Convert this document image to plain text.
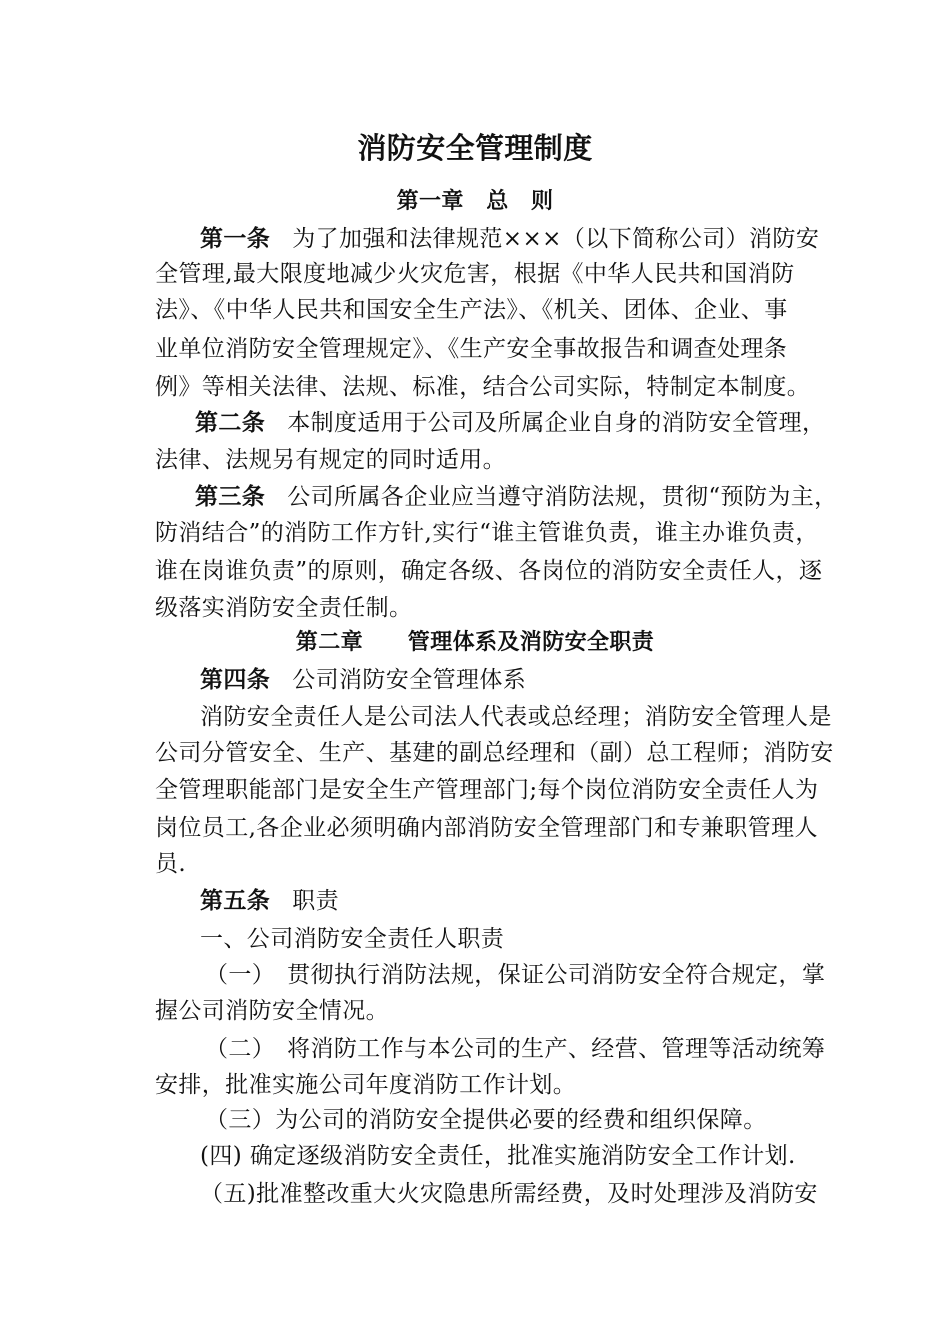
消防安全管理制度
第一章　总　则
第一条 为了加强和法律规范×××（以下简称公司）消防安
全管理,最大限度地减少火灾危害，根据《中华人民共和国消防
法》、《中华人民共和国安全生产法》、《机关、团体、企业、事
业单位消防安全管理规定》、《生产安全事故报告和调查处理条
例》等相关法律、法规、标准，结合公司实际，特制定本制度。
第二条 本制度适用于公司及所属企业自身的消防安全管理，
法律、法规另有规定的同时适用。
第三条 公司所属各企业应当遵守消防法规，贯彻“预防为主，
防消结合”的消防工作方针,实行“谁主管谁负责，谁主办谁负责，
谁在岗谁负责”的原则，确定各级、各岗位的消防安全责任人，逐
级落实消防安全责任制。
第二章　　管理体系及消防安全职责
第四条 公司消防安全管理体系
消防安全责任人是公司法人代表或总经理；消防安全管理人是
公司分管安全、生产、基建的副总经理和（副）总工程师；消防安
全管理职能部门是安全生产管理部门;每个岗位消防安全责任人为
岗位员工,各企业必须明确内部消防安全管理部门和专兼职管理人
员.
第五条 职责
一、公司消防安全责任人职责
（一）　贯彻执行消防法规，保证公司消防安全符合规定，掌
握公司消防安全情况。
（二）　将消防工作与本公司的生产、经营、管理等活动统筹
安排，批准实施公司年度消防工作计划。
（三）为公司的消防安全提供必要的经费和组织保障。
(四) 确定逐级消防安全责任，批准实施消防安全工作计划.
（五)批准整改重大火灾隐患所需经费，及时处理涉及消防安
